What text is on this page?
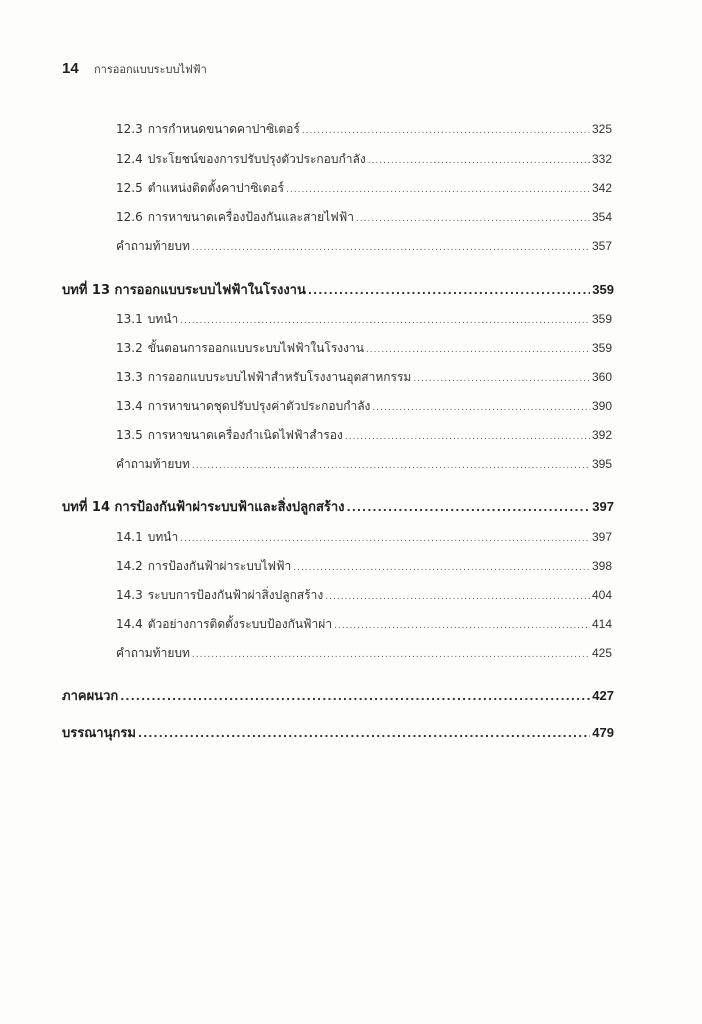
14	การออกแบบระบบไฟฟ้า
12.3 การกำหนดขนาดคาปาซิเตอร์ .....	325
12.4 ประโยชน์ของการปรับปรุงตัวประกอบกำลัง .....	332
12.5 ตำแหน่งติดตั้งคาปาซิเตอร์ .....	342
12.6 การหาขนาดเครื่องป้องกันและสายไฟฟ้า .....	354
คำถามท้ายบท .....	357
บทที่ 13 การออกแบบระบบไฟฟ้าในโรงงาน .....	359
13.1 บทนำ .....	359
13.2 ขั้นตอนการออกแบบระบบไฟฟ้าในโรงงาน .....	359
13.3 การออกแบบระบบไฟฟ้าสำหรับโรงงานอุตสาหกรรม .....	360
13.4 การหาขนาดชุดปรับปรุงค่าตัวประกอบกำลัง .....	390
13.5 การหาขนาดเครื่องกำเนิดไฟฟ้าสำรอง .....	392
คำถามท้ายบท .....	395
บทที่ 14 การป้องกันฟ้าผ่าระบบฟ้าและสิ่งปลูกสร้าง .....	397
14.1 บทนำ .....	397
14.2 การป้องกันฟ้าผ่าระบบไฟฟ้า .....	398
14.3 ระบบการป้องกันฟ้าผ่าสิ่งปลูกสร้าง .....	404
14.4 ตัวอย่างการติดตั้งระบบป้องกันฟ้าผ่า .....	414
คำถามท้ายบท .....	425
ภาคผนวก .....	427
บรรณานุกรม .....	479
